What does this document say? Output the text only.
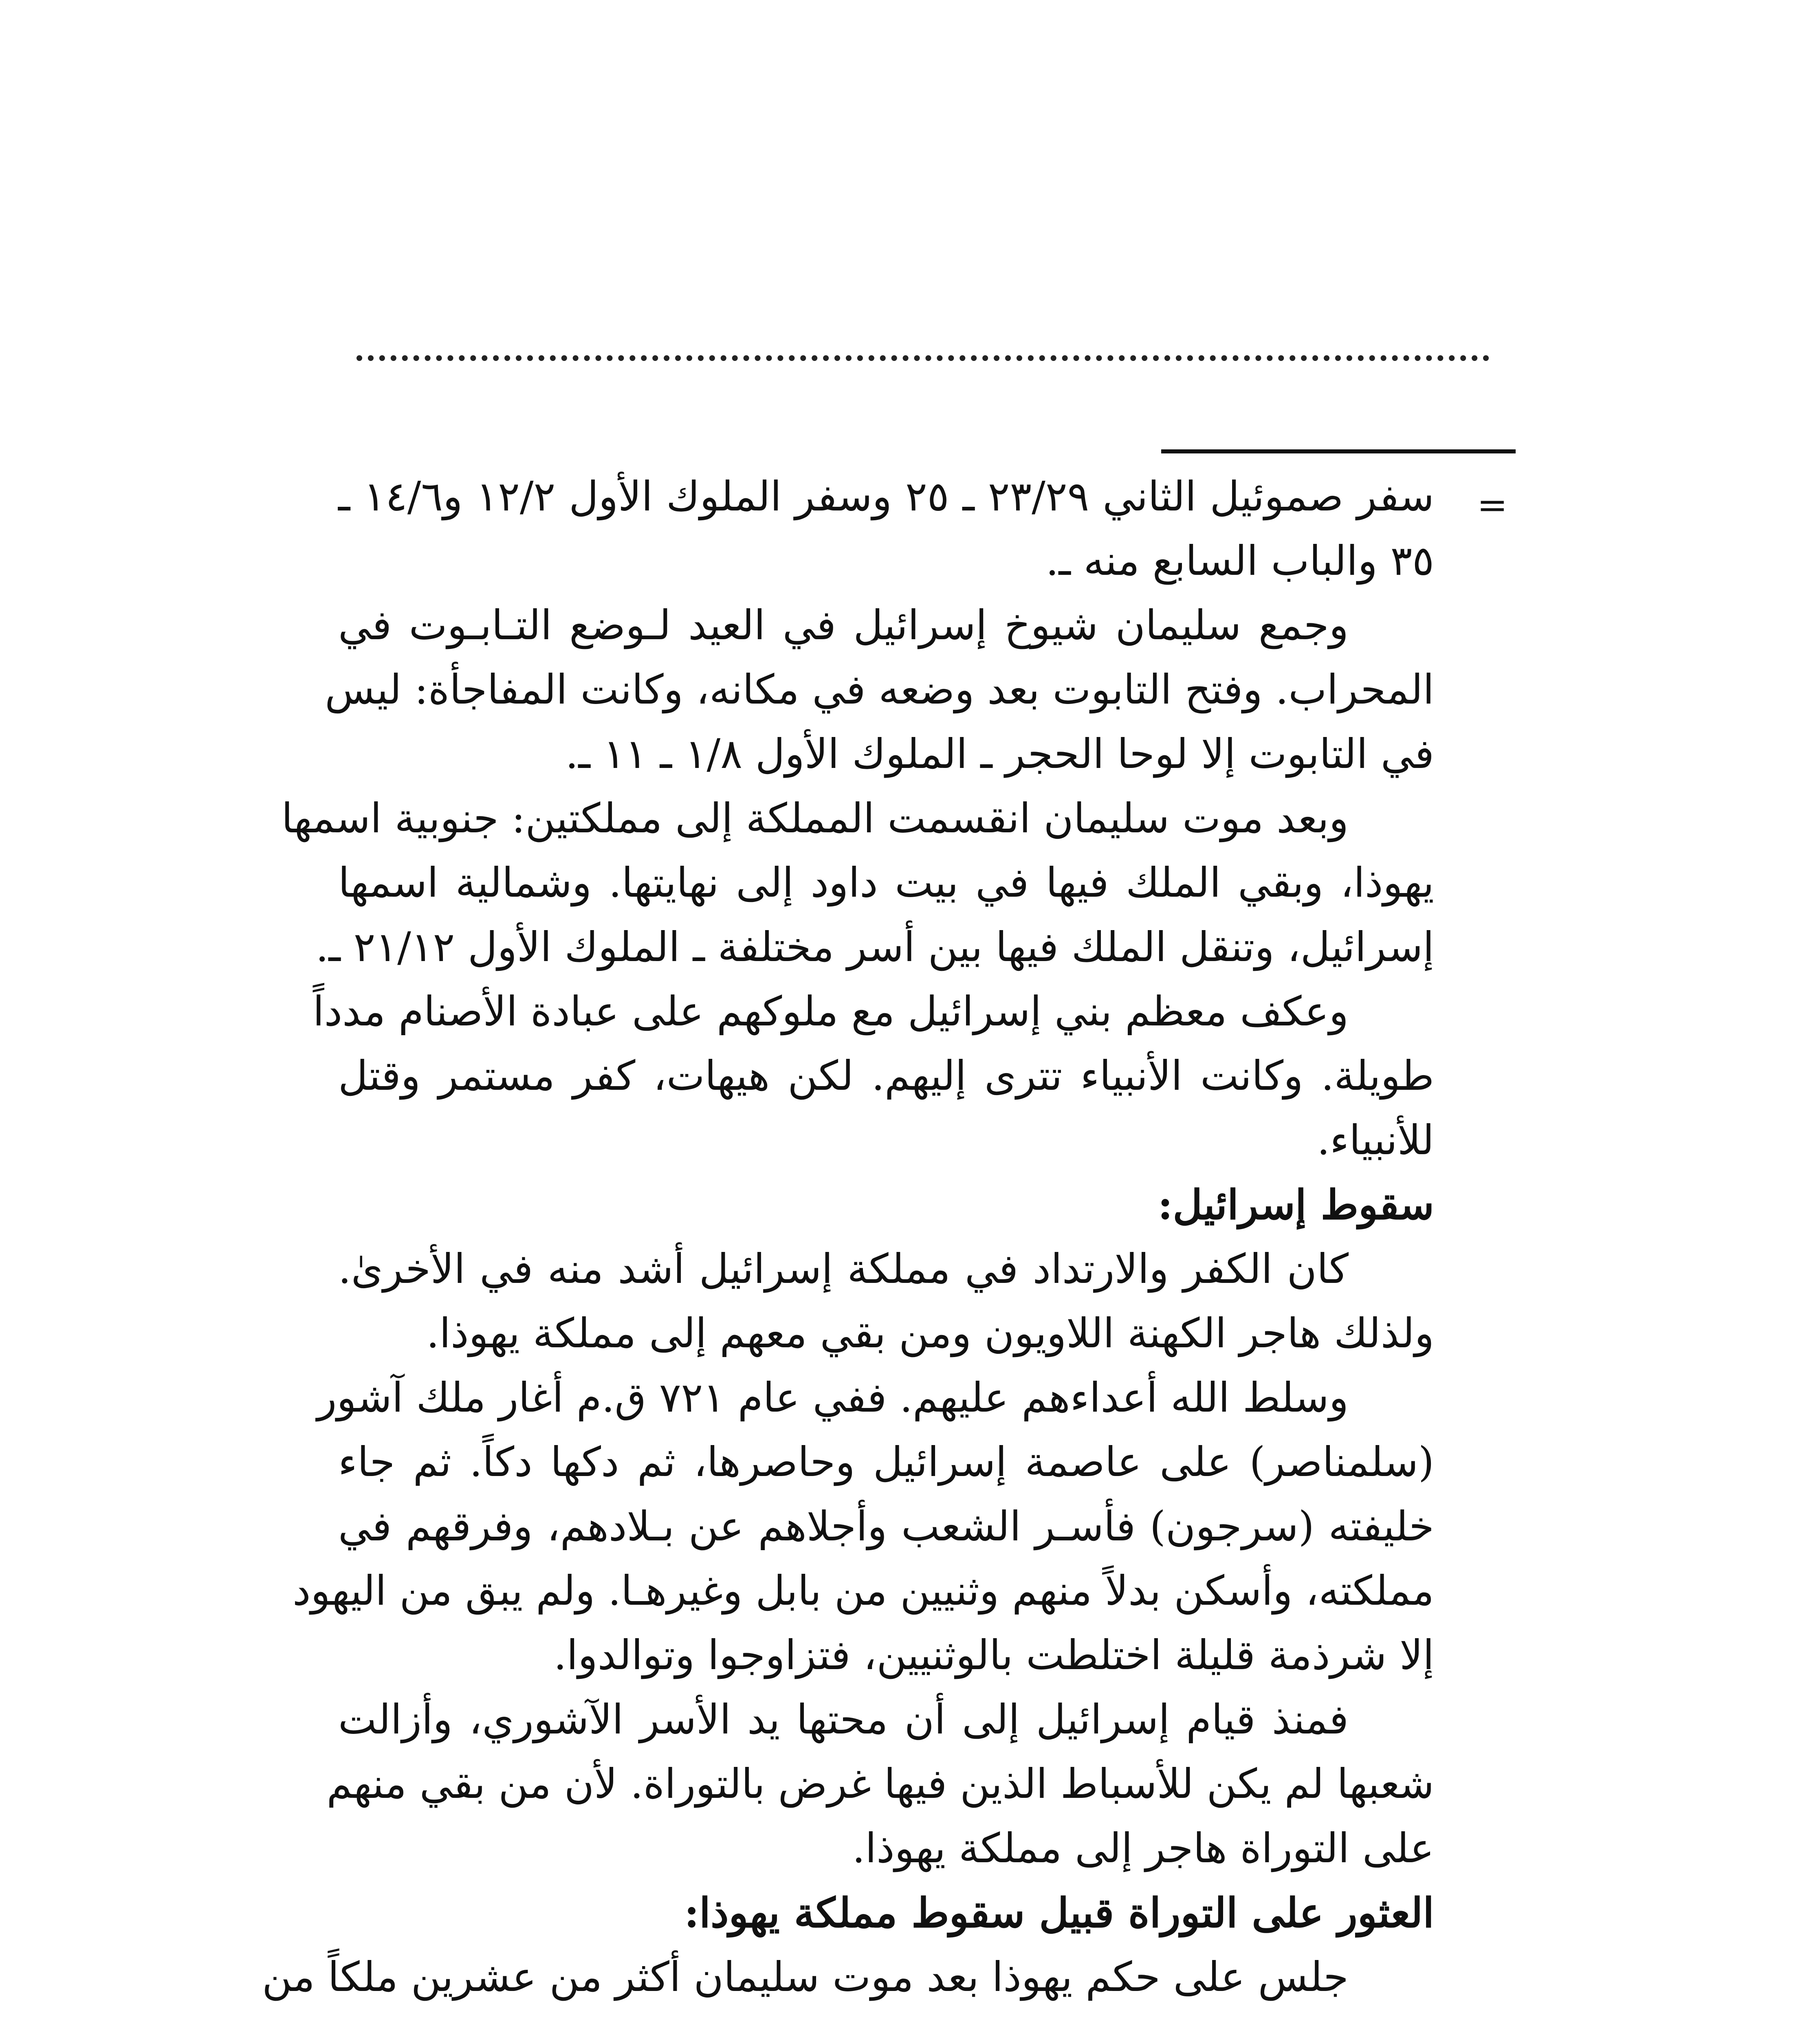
=
سفر صموئيل الثاني ٢٣/٢٩ ـ ٢٥ وسفر الملوك الأول ١٢/٢ و١٤/٦ ـ
٣٥ والباب السابع منه ـ.
وجمع سليمان شيوخ إسرائيل في العيد لـوضع التـابـوت في
المحراب. وفتح التابوت بعد وضعه في مكانه، وكانت المفاجأة: ليس
في التابوت إلا لوحا الحجر ـ الملوك الأول ١/٨ ـ ١١ ـ.
وبعد موت سليمان انقسمت المملكة إلى مملكتين: جنوبية اسمها
يهوذا، وبقي الملك فيها في بيت داود إلى نهايتها. وشمالية اسمها
إسرائيل، وتنقل الملك فيها بين أسر مختلفة ـ الملوك الأول ٢١/١٢ ـ.
وعكف معظم بني إسرائيل مع ملوكهم على عبادة الأصنام مدداً
طويلة. وكانت الأنبياء تترى إليهم. لكن هيهات، كفر مستمر وقتل
للأنبياء.
سقوط إسرائيل:
كان الكفر والارتداد في مملكة إسرائيل أشد منه في الأخرىٰ.
ولذلك هاجر الكهنة اللاويون ومن بقي معهم إلى مملكة يهوذا.
وسلط الله أعداءهم عليهم. ففي عام ٧٢١ ق.م أغار ملك آشور
(سلمناصر) على عاصمة إسرائيل وحاصرها، ثم دكها دكاً. ثم جاء
خليفته (سرجون) فأسـر الشعب وأجلاهم عن بـلادهم، وفرقهم في
مملكته، وأسكن بدلاً منهم وثنيين من بابل وغيرهـا. ولم يبق من اليهود
إلا شرذمة قليلة اختلطت بالوثنيين، فتزاوجوا وتوالدوا.
فمنذ قيام إسرائيل إلى أن محتها يد الأسر الآشوري، وأزالت
شعبها لم يكن للأسباط الذين فيها غرض بالتوراة. لأن من بقي منهم
على التوراة هاجر إلى مملكة يهوذا.
العثور على التوراة قبيل سقوط مملكة يهوذا:
جلس على حكم يهوذا بعد موت سليمان أكثر من عشرين ملكاً من
